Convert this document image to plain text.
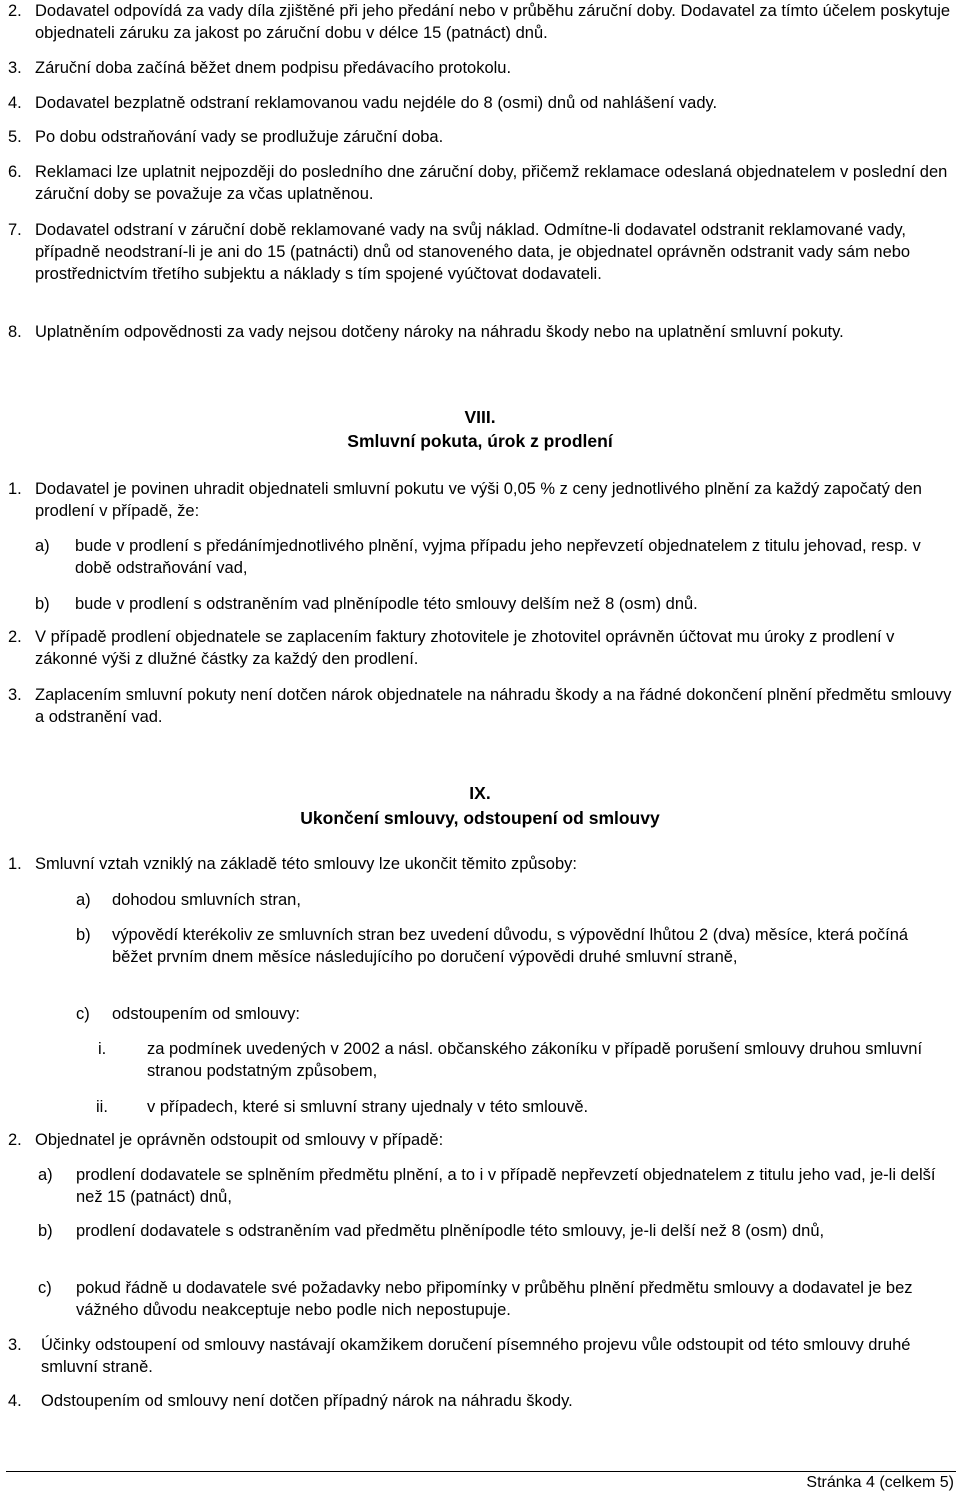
2. Dodavatel odpovídá za vady díla zjištěné při jeho předání nebo v průběhu záruční doby. Dodavatel za tímto účelem poskytuje objednateli záruku za jakost po záruční dobu v délce 15 (patnáct) dnů.
3. Záruční doba začíná běžet dnem podpisu předávacího protokolu.
4. Dodavatel bezplatně odstraní reklamovanou vadu nejdéle do 8 (osmi) dnů od nahlášení vady.
5. Po dobu odstraňování vady se prodlužuje záruční doba.
6. Reklamaci lze uplatnit nejpozději do posledního dne záruční doby, přičemž reklamace odeslaná objednatelem v poslední den záruční doby se považuje za včas uplatněnou.
7. Dodavatel odstraní v záruční době reklamované vady na svůj náklad. Odmítne-li dodavatel odstranit reklamované vady, případně neodstraní-li je ani do 15 (patnácti) dnů od stanoveného data, je objednatel oprávněn odstranit vady sám nebo prostřednictvím třetího subjektu a náklady s tím spojené vyúčtovat dodavateli.
8. Uplatněním odpovědnosti za vady nejsou dotčeny nároky na náhradu škody nebo na uplatnění smluvní pokuty.
VIII.
Smluvní pokuta, úrok z prodlení
1. Dodavatel je povinen uhradit objednateli smluvní pokutu ve výši 0,05 % z ceny jednotlivého plnění za každý započatý den prodlení v případě, že:
a) bude v prodlení s předánímjednotlivého plnění, vyjma případu jeho nepřevzetí objednatelem z titulu jehovad, resp. v době odstraňování vad,
b) bude v prodlení s odstraněním vad plněnípodle této smlouvy delším než 8 (osm) dnů.
2. V případě prodlení objednatele se zaplacením faktury zhotovitele je zhotovitel oprávněn účtovat mu úroky z prodlení v zákonné výši z dlužné částky za každý den prodlení.
3. Zaplacením smluvní pokuty není dotčen nárok objednatele na náhradu škody a na řádné dokončení plnění předmětu smlouvy a odstranění vad.
IX.
Ukončení smlouvy, odstoupení od smlouvy
1. Smluvní vztah vzniklý na základě této smlouvy lze ukončit těmito způsoby:
a) dohodou smluvních stran,
b) výpovědí kterékoliv ze smluvních stran bez uvedení důvodu, s výpovědní lhůtou 2 (dva) měsíce, která počíná běžet prvním dnem měsíce následujícího po doručení výpovědi druhé smluvní straně,
c) odstoupením od smlouvy:
i. za podmínek uvedených v 2002 a násl. občanského zákoníku v případě porušení smlouvy druhou smluvní stranou podstatným způsobem,
ii. v případech, které si smluvní strany ujednaly v této smlouvě.
2. Objednatel je oprávněn odstoupit od smlouvy v případě:
a) prodlení dodavatele se splněním předmětu plnění, a to i v případě nepřevzetí objednatelem z titulu jeho vad, je-li delší než 15 (patnáct) dnů,
b) prodlení dodavatele s odstraněním vad předmětu plněnípodle této smlouvy, je-li delší než 8 (osm) dnů,
c) pokud řádně u dodavatele své požadavky nebo připomínky v průběhu plnění předmětu smlouvy a dodavatel je bez vážného důvodu neakceptuje nebo podle nich nepostupuje.
3. Účinky odstoupení od smlouvy nastávají okamžikem doručení písemného projevu vůle odstoupit od této smlouvy druhé smluvní straně.
4. Odstoupením od smlouvy není dotčen případný nárok na náhradu škody.
Stránka 4 (celkem 5)
